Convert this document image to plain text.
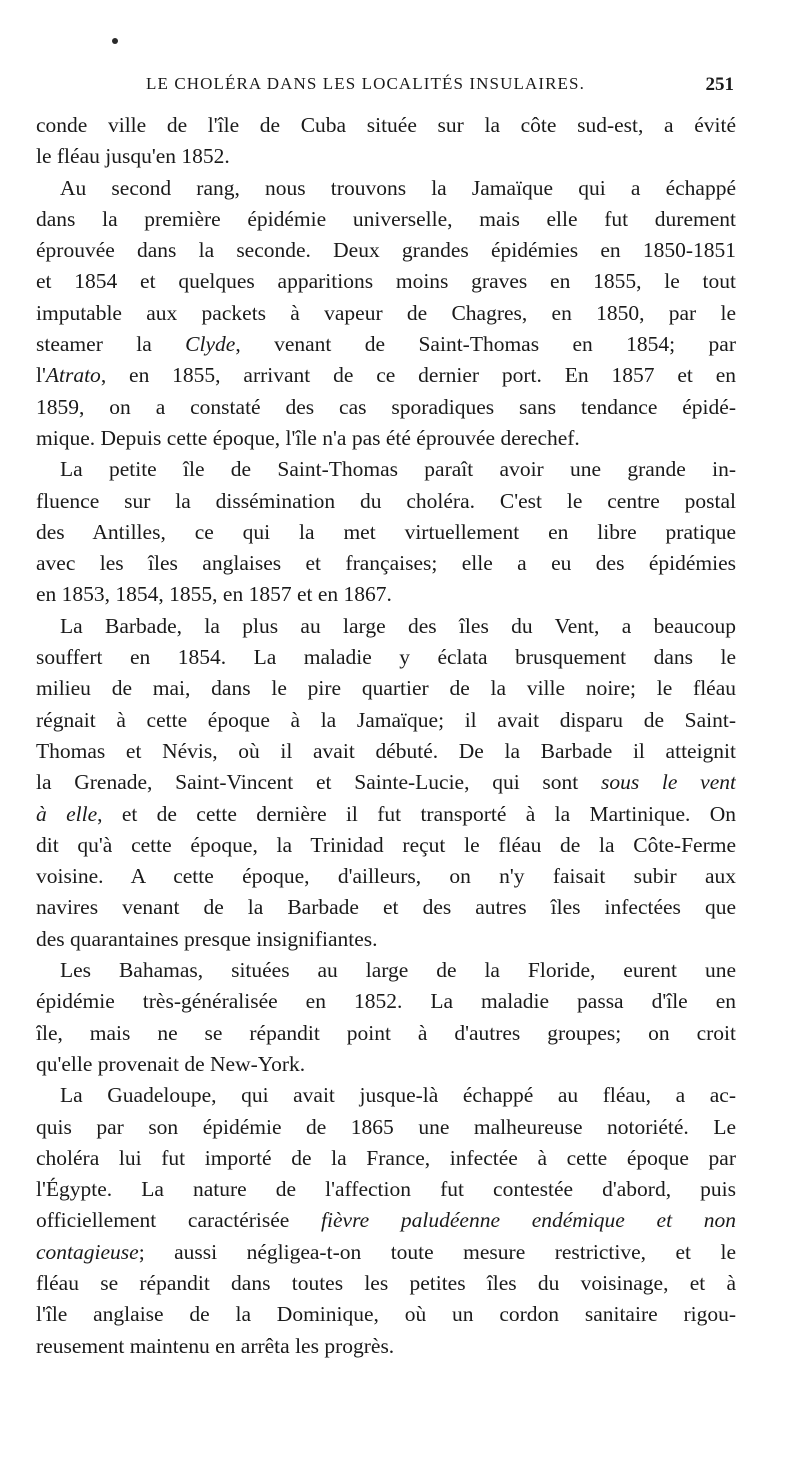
LE CHOLÉRA DANS LES LOCALITÉS INSULAIRES.	251
conde ville de l'île de Cuba située sur la côte sud-est, a évité
le fléau jusqu'en 1852.
Au second rang, nous trouvons la Jamaïque qui a échappé
dans la première épidémie universelle, mais elle fut durement
éprouvée dans la seconde. Deux grandes épidémies en 1850-1851
et 1854 et quelques apparitions moins graves en 1855, le tout
imputable aux packets à vapeur de Chagres, en 1850, par le
steamer la Clyde, venant de Saint-Thomas en 1854; par
l'Atrato, en 1855, arrivant de ce dernier port. En 1857 et en
1859, on a constaté des cas sporadiques sans tendance épidé-
mique. Depuis cette époque, l'île n'a pas été éprouvée derechef.
La petite île de Saint-Thomas paraît avoir une grande in-
fluence sur la dissémination du choléra. C'est le centre postal
des Antilles, ce qui la met virtuellement en libre pratique
avec les îles anglaises et françaises; elle a eu des épidémies
en 1853, 1854, 1855, en 1857 et en 1867.
La Barbade, la plus au large des îles du Vent, a beaucoup
souffert en 1854. La maladie y éclata brusquement dans le
milieu de mai, dans le pire quartier de la ville noire; le fléau
régnait à cette époque à la Jamaïque; il avait disparu de Saint-
Thomas et Névis, où il avait débuté. De la Barbade il atteignit
la Grenade, Saint-Vincent et Sainte-Lucie, qui sont sous le vent
à elle, et de cette dernière il fut transporté à la Martinique. On
dit qu'à cette époque, la Trinidad reçut le fléau de la Côte-Ferme
voisine. A cette époque, d'ailleurs, on n'y faisait subir aux
navires venant de la Barbade et des autres îles infectées que
des quarantaines presque insignifiantes.
Les Bahamas, situées au large de la Floride, eurent une
épidémie très-généralisée en 1852. La maladie passa d'île en
île, mais ne se répandit point à d'autres groupes; on croit
qu'elle provenait de New-York.
La Guadeloupe, qui avait jusque-là échappé au fléau, a ac-
quis par son épidémie de 1865 une malheureuse notoriété. Le
choléra lui fut importé de la France, infectée à cette époque par
l'Égypte. La nature de l'affection fut contestée d'abord, puis
officiellement caractérisée fièvre paludéenne endémique et non
contagieuse; aussi négligea-t-on toute mesure restrictive, et le
fléau se répandit dans toutes les petites îles du voisinage, et à
l'île anglaise de la Dominique, où un cordon sanitaire rigou-
reusement maintenu en arrêta les progrès.
